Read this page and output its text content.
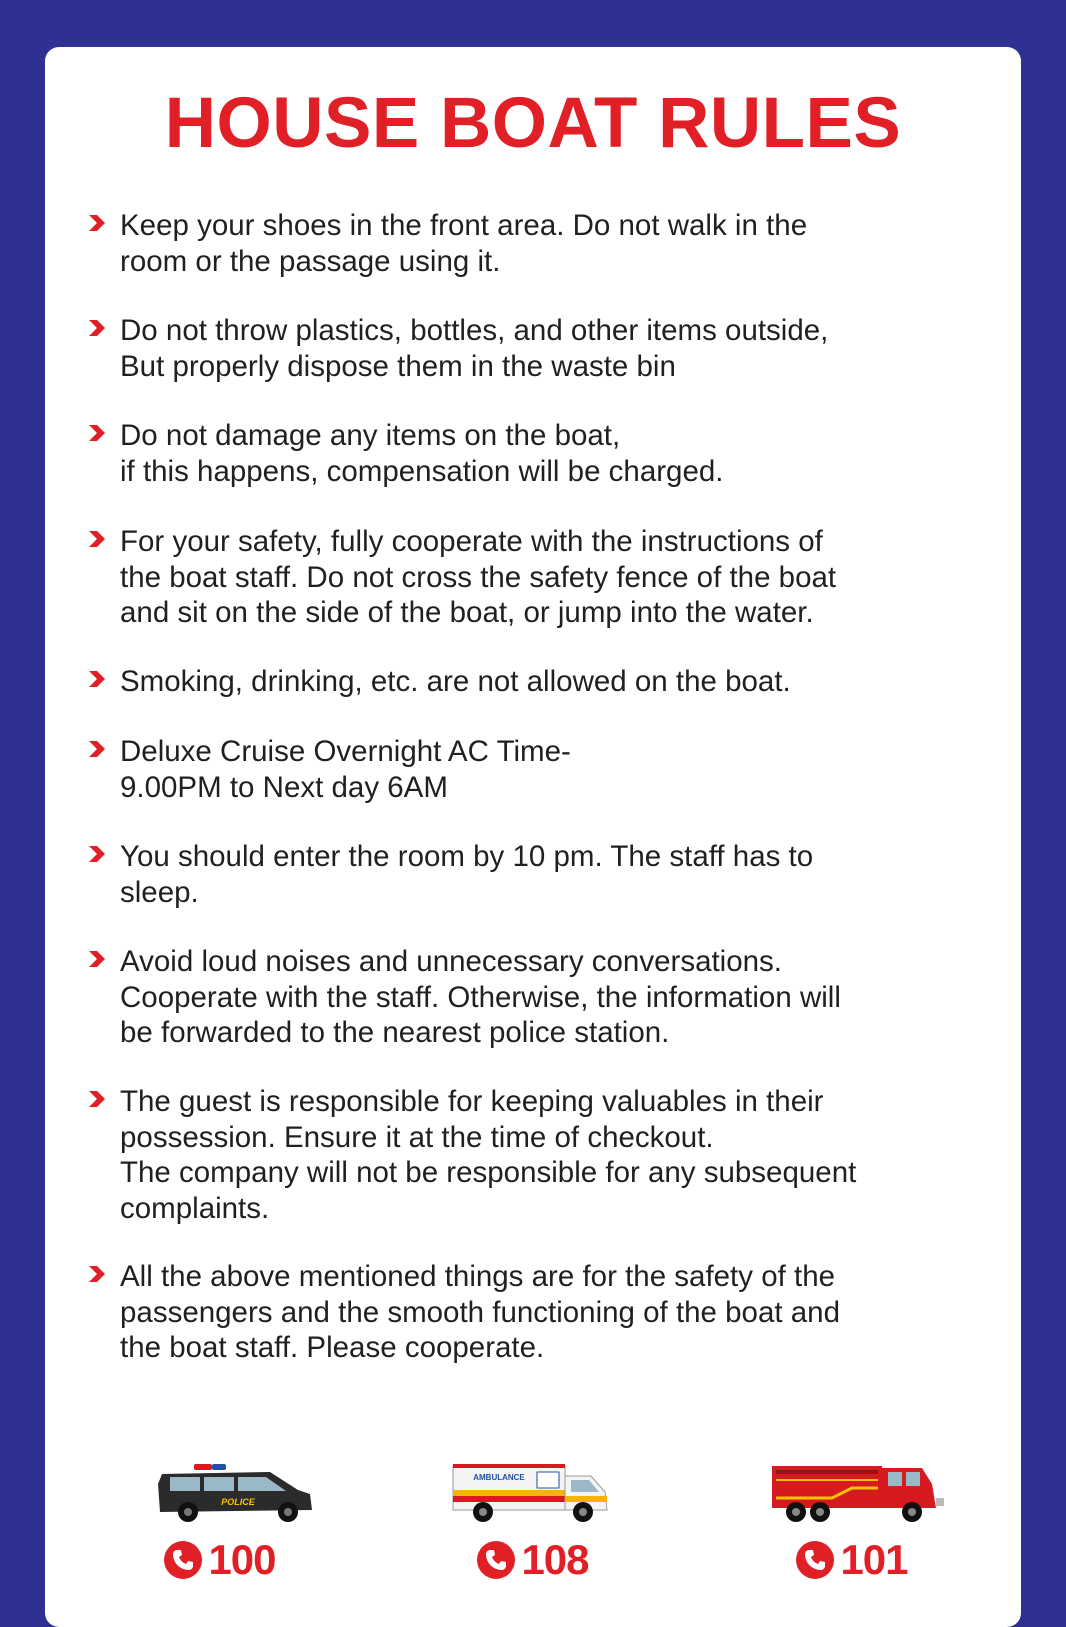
HOUSE BOAT RULES
Keep your shoes in the front area. Do not walk in the
room or the passage using it.
Do not throw plastics, bottles, and other items outside,
But properly dispose them in the waste bin
Do not damage any items on the boat,
if this happens, compensation will be charged.
For your safety, fully cooperate with the instructions of
the boat staff. Do not cross the safety fence of the boat
and sit on the side of the boat, or jump into the water.
Smoking, drinking, etc. are not allowed on the boat.
Deluxe Cruise Overnight AC Time-
9.00PM to Next day 6AM
You should enter the room by 10 pm. The staff has to
sleep.
Avoid loud noises and unnecessary conversations.
Cooperate with the staff. Otherwise, the information will
be forwarded to the nearest police station.
The guest is responsible for keeping valuables in their
possession. Ensure it at the time of checkout.
The company will not be responsible for any subsequent
complaints.
All the above mentioned things are for the safety of the
passengers and the smooth functioning of the boat and
the boat staff. Please cooperate.
POLICE
100
AMBULANCE
108	101
